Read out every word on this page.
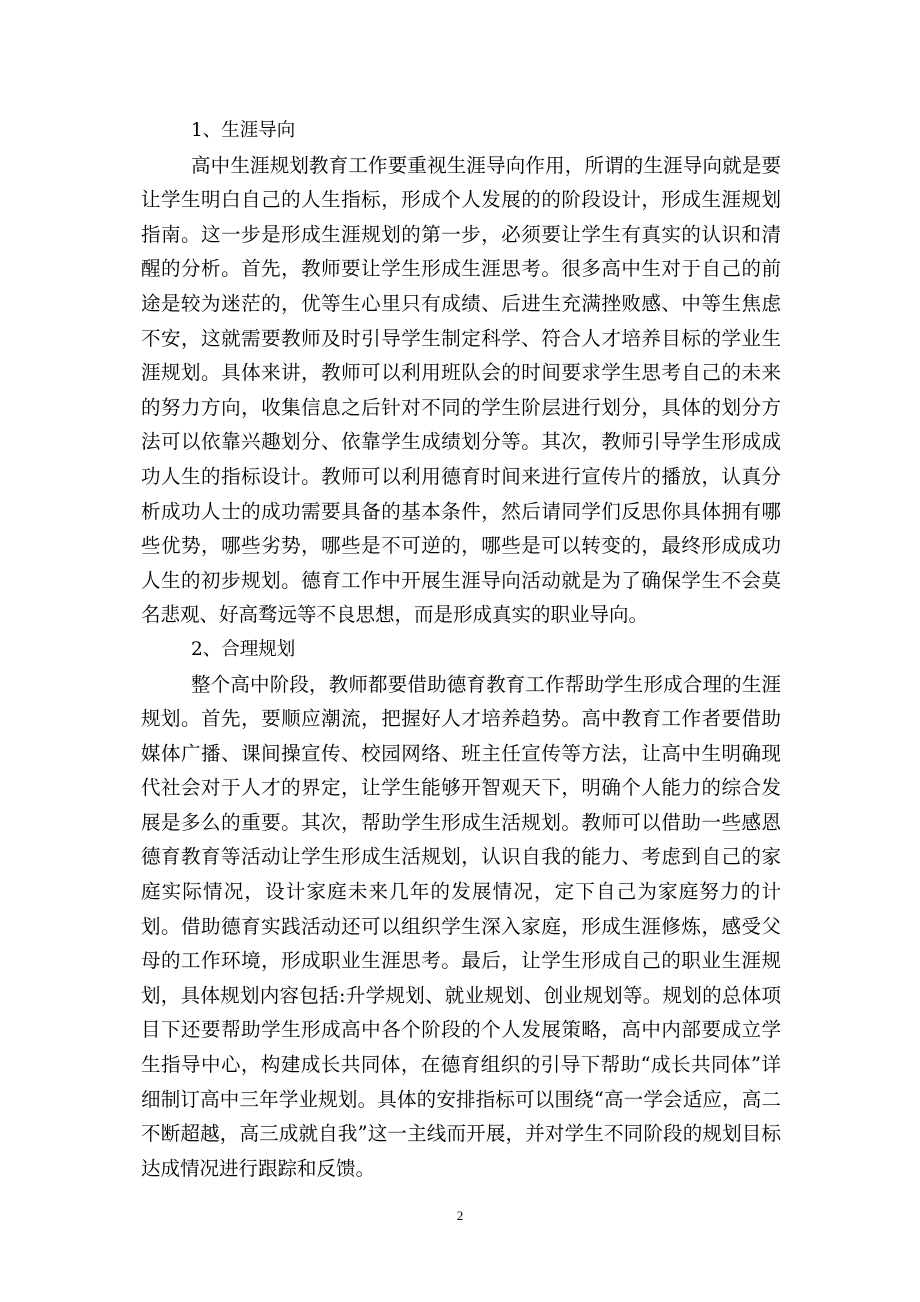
1、生涯导向

高中生涯规划教育工作要重视生涯导向作用，所谓的生涯导向就是要让学生明白自己的人生指标，形成个人发展的的阶段设计，形成生涯规划指南。这一步是形成生涯规划的第一步，必须要让学生有真实的认识和清醒的分析。首先，教师要让学生形成生涯思考。很多高中生对于自己的前途是较为迷茫的，优等生心里只有成绩、后进生充满挫败感、中等生焦虑不安，这就需要教师及时引导学生制定科学、符合人才培养目标的学业生涯规划。具体来讲，教师可以利用班队会的时间要求学生思考自己的未来的努力方向，收集信息之后针对不同的学生阶层进行划分，具体的划分方法可以依靠兴趣划分、依靠学生成绩划分等。其次，教师引导学生形成成功人生的指标设计。教师可以利用德育时间来进行宣传片的播放，认真分析成功人士的成功需要具备的基本条件，然后请同学们反思你具体拥有哪些优势，哪些劣势，哪些是不可逆的，哪些是可以转变的，最终形成成功人生的初步规划。德育工作中开展生涯导向活动就是为了确保学生不会莫名悲观、好高骛远等不良思想，而是形成真实的职业导向。

2、合理规划

整个高中阶段，教师都要借助德育教育工作帮助学生形成合理的生涯规划。首先，要顺应潮流，把握好人才培养趋势。高中教育工作者要借助媒体广播、课间操宣传、校园网络、班主任宣传等方法，让高中生明确现代社会对于人才的界定，让学生能够开智观天下，明确个人能力的综合发展是多么的重要。其次，帮助学生形成生活规划。教师可以借助一些感恩德育教育等活动让学生形成生活规划，认识自我的能力、考虑到自己的家庭实际情况，设计家庭未来几年的发展情况，定下自己为家庭努力的计划。借助德育实践活动还可以组织学生深入家庭，形成生涯修炼，感受父母的工作环境，形成职业生涯思考。最后，让学生形成自己的职业生涯规划，具体规划内容包括:升学规划、就业规划、创业规划等。规划的总体项目下还要帮助学生形成高中各个阶段的个人发展策略，高中内部要成立学生指导中心，构建成长共同体，在德育组织的引导下帮助“成长共同体”详细制订高中三年学业规划。具体的安排指标可以围绕“高一学会适应，高二不断超越，高三成就自我”这一主线而开展，并对学生不同阶段的规划目标达成情况进行跟踪和反馈。

2
